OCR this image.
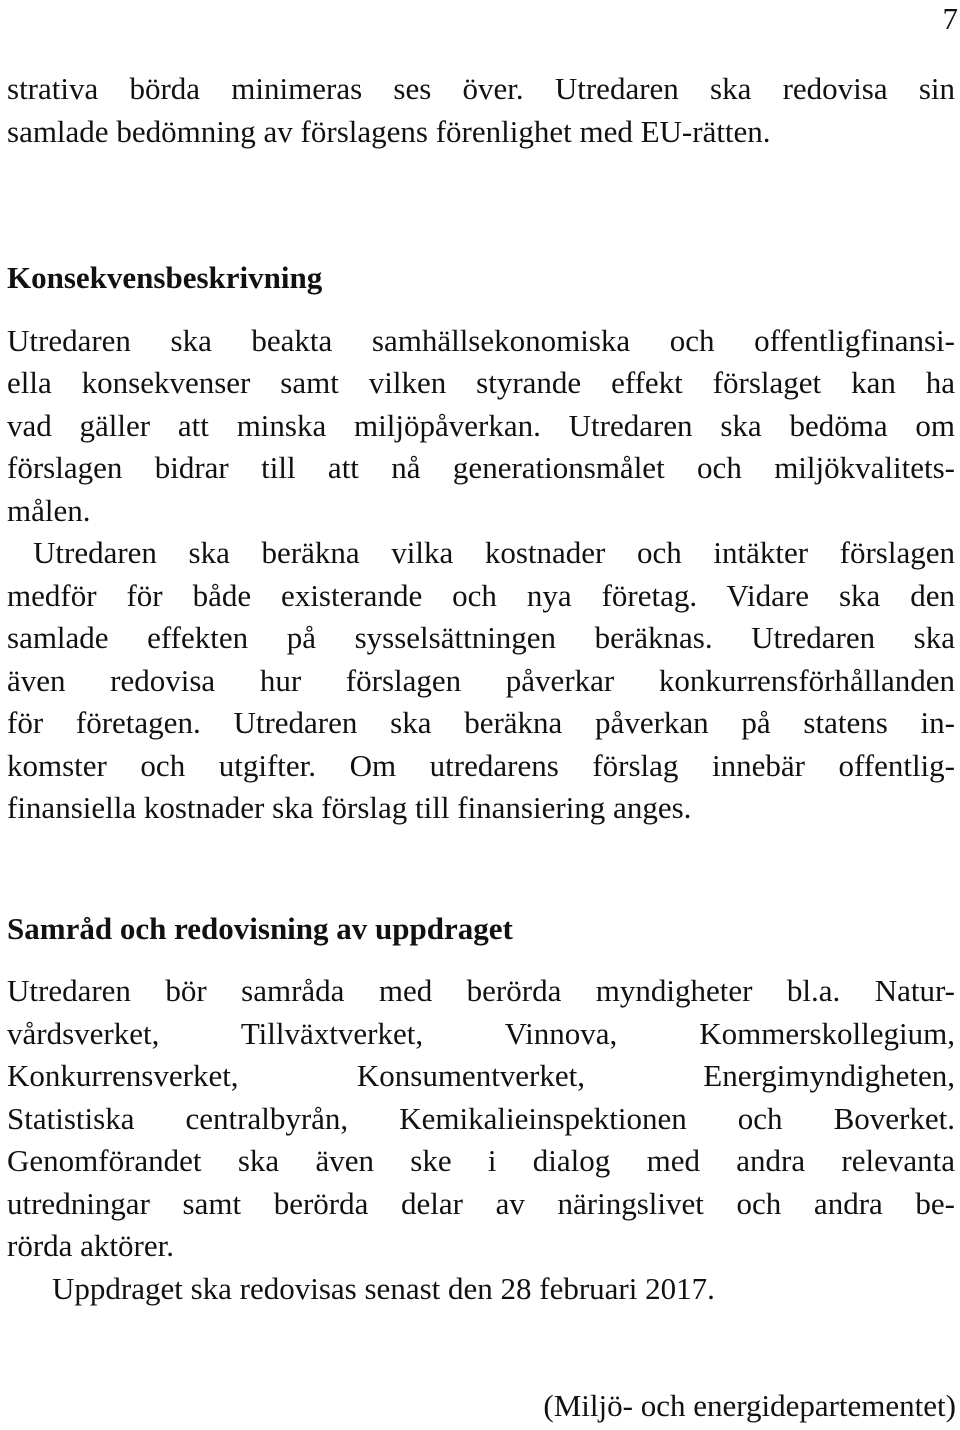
7
strativa börda minimeras ses över. Utredaren ska redovisa sin
samlade bedömning av förslagens förenlighet med EU-rätten.
Konsekvensbeskrivning
Utredaren ska beakta samhällsekonomiska och offentligfinansi-
ella konsekvenser samt vilken styrande effekt förslaget kan ha
vad gäller att minska miljöpåverkan. Utredaren ska bedöma om
förslagen bidrar till att nå generationsmålet och miljökvalitets-
målen.
Utredaren ska beräkna vilka kostnader och intäkter förslagen
medför för både existerande och nya företag. Vidare ska den
samlade effekten på sysselsättningen beräknas. Utredaren ska
även redovisa hur förslagen påverkar konkurrensförhållanden
för företagen. Utredaren ska beräkna påverkan på statens in-
komster och utgifter. Om utredarens förslag innebär offentlig-
finansiella kostnader ska förslag till finansiering anges.
Samråd och redovisning av uppdraget
Utredaren bör samråda med berörda myndigheter bl.a. Natur-
vårdsverket, Tillväxtverket, Vinnova, Kommerskollegium,
Konkurrensverket, Konsumentverket, Energimyndigheten,
Statistiska centralbyrån, Kemikalieinspektionen och Boverket.
Genomförandet ska även ske i dialog med andra relevanta
utredningar samt berörda delar av näringslivet och andra be-
rörda aktörer.
Uppdraget ska redovisas senast den 28 februari 2017.
(Miljö- och energidepartementet)
